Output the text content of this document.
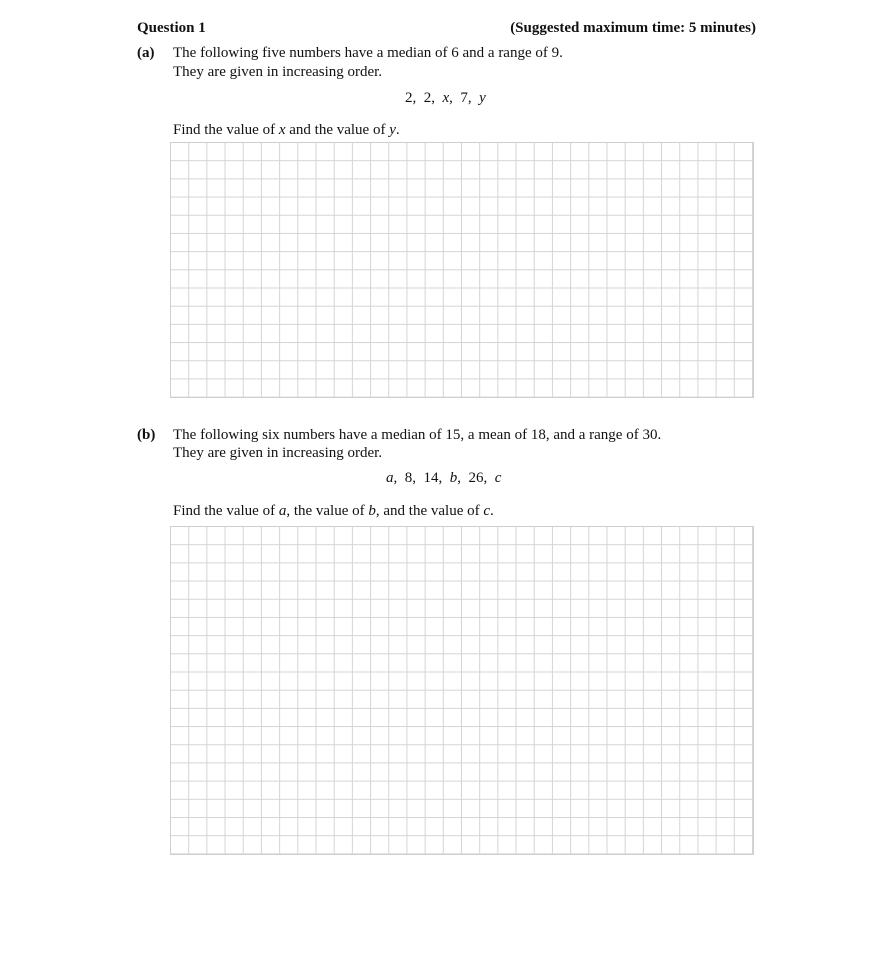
Question 1	(Suggested maximum time: 5 minutes)
(a) The following five numbers have a median of 6 and a range of 9.
They are given in increasing order.
2,  2,  x,  7,  y
Find the value of x and the value of y.
(b) The following six numbers have a median of 15, a mean of 18, and a range of 30.
They are given in increasing order.
a,  8,  14,  b,  26,  c
Find the value of a, the value of b, and the value of c.
